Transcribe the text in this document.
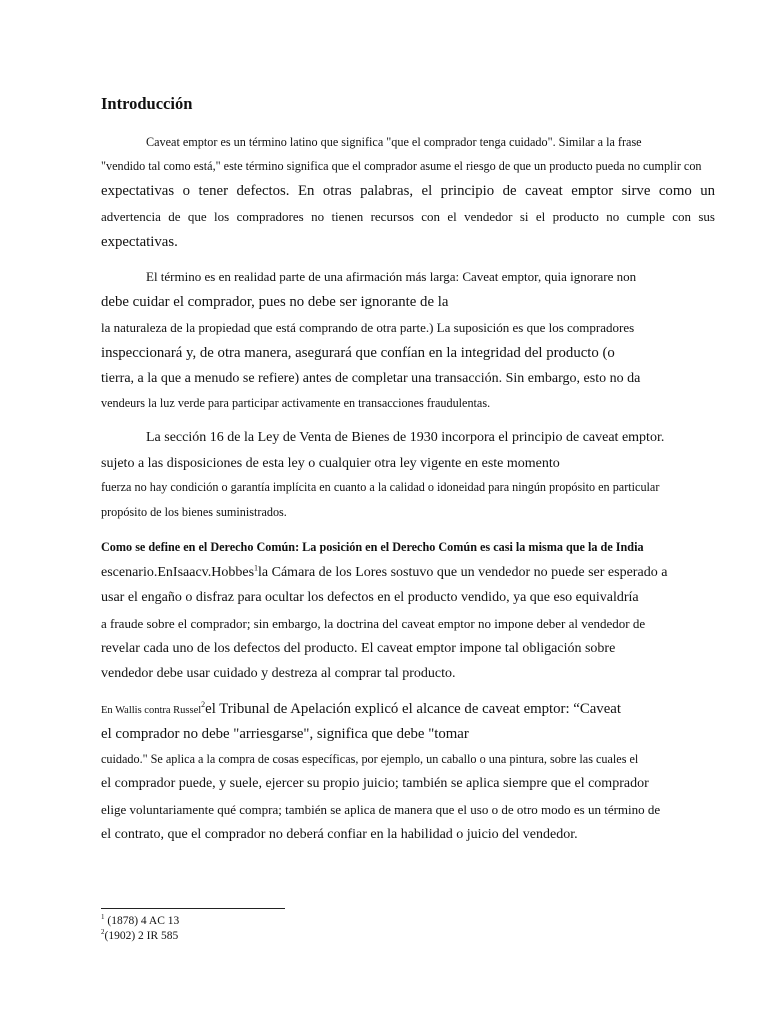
Introducción
Caveat emptor es un término latino que significa "que el comprador tenga cuidado". Similar a la frase
"vendido tal como está," este término significa que el comprador asume el riesgo de que un producto pueda no cumplir con
expectativas o tener defectos. En otras palabras, el principio de caveat emptor sirve como un
advertencia de que los compradores no tienen recursos con el vendedor si el producto no cumple con sus
expectativas.
El término es en realidad parte de una afirmación más larga: Caveat emptor, quia ignorare non
debe cuidar el comprador, pues no debe ser ignorante de la
la naturaleza de la propiedad que está comprando de otra parte.) La suposición es que los compradores
inspeccionará y, de otra manera, asegurará que confían en la integridad del producto (o
tierra, a la que a menudo se refiere) antes de completar una transacción. Sin embargo, esto no da
vendeurs la luz verde para participar activamente en transacciones fraudulentas.
La sección 16 de la Ley de Venta de Bienes de 1930 incorpora el principio de caveat emptor.
sujeto a las disposiciones de esta ley o cualquier otra ley vigente en este momento
fuerza no hay condición o garantía implícita en cuanto a la calidad o idoneidad para ningún propósito en particular
propósito de los bienes suministrados.
Como se define en el Derecho Común: La posición en el Derecho Común es casi la misma que la de India
escenario.EnIsaacv.Hobbes$^1$la Cámara de los Lores sostuvo que un vendedor no puede ser esperado a
usar el engaño o disfraz para ocultar los defectos en el producto vendido, ya que eso equivaldría
a fraude sobre el comprador; sin embargo, la doctrina del caveat emptor no impone deber al vendedor de
revelar cada uno de los defectos del producto. El caveat emptor impone tal obligación sobre
vendedor debe usar cuidado y destreza al comprar tal producto.
En Wallis contra Russel$^2$el Tribunal de Apelación explicó el alcance de caveat emptor: “Caveat
el comprador no debe "arriesgarse", significa que debe "tomar
cuidado." Se aplica a la compra de cosas específicas, por ejemplo, un caballo o una pintura, sobre las cuales el
el comprador puede, y suele, ejercer su propio juicio; también se aplica siempre que el comprador
elige voluntariamente qué compra; también se aplica de manera que el uso o de otro modo es un término de
el contrato, que el comprador no deberá confiar en la habilidad o juicio del vendedor.
$^1$ (1878) 4 AC 13
$^2$(1902) 2 IR 585
